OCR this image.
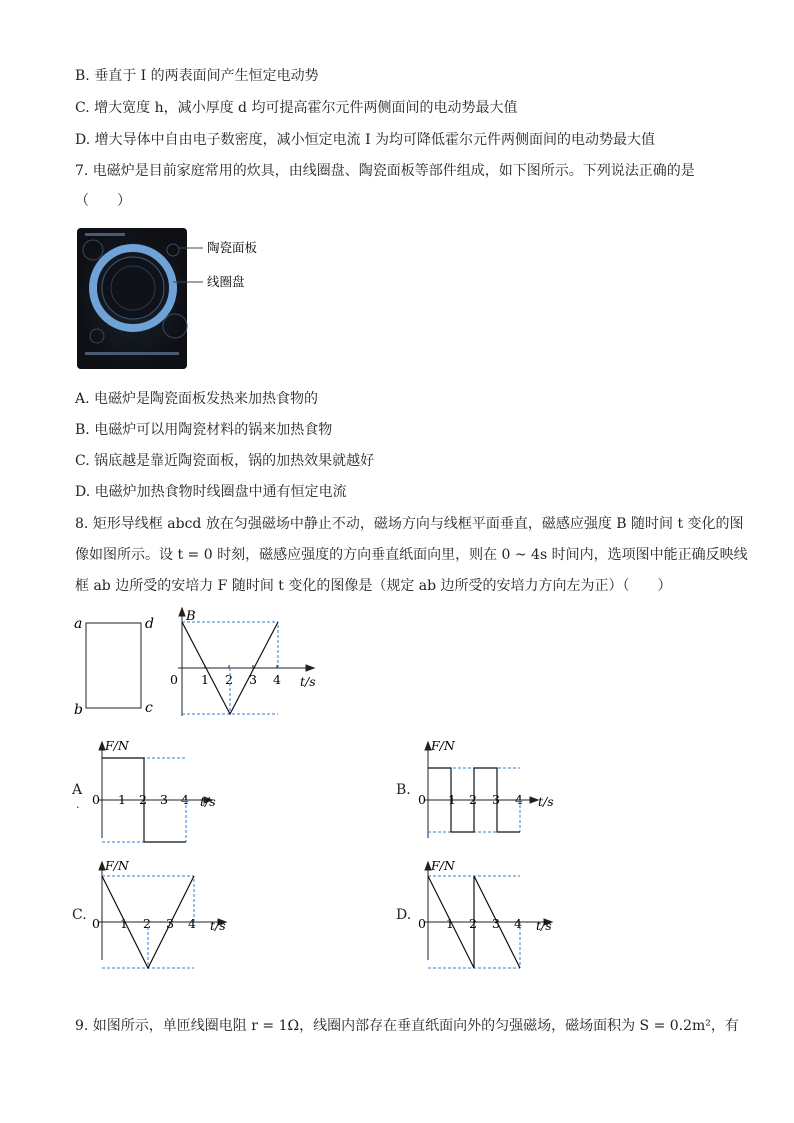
B. 垂直于 I 的两表面间产生恒定电动势
C. 增大宽度 h，减小厚度 d 均可提高霍尔元件两侧面间的电动势最大值
D. 增大导体中自由电子数密度，减小恒定电流 I 为均可降低霍尔元件两侧面间的电动势最大值
7. 电磁炉是目前家庭常用的炊具，由线圈盘、陶瓷面板等部件组成，如下图所示。下列说法正确的是
（　　）
陶瓷面板
线圈盘
A. 电磁炉是陶瓷面板发热来加热食物的
B. 电磁炉可以用陶瓷材料的锅来加热食物
C. 锅底越是靠近陶瓷面板，锅的加热效果就越好
D. 电磁炉加热食物时线圈盘中通有恒定电流
8. 矩形导线框 abcd 放在匀强磁场中静止不动，磁场方向与线框平面垂直，磁感应强度 B 随时间 t 变化的图
像如图所示。设 t = 0 时刻，磁感应强度的方向垂直纸面向里，则在 0 ~ 4s 时间内，选项图中能正确反映线
框 ab 边所受的安培力 F 随时间 t 变化的图像是（规定 ab 边所受的安培力方向左为正）（　　）
a	d
b	c
B
0 1 2 3 4 t/s
A
.
F/N
0 1 2 3 4 t/s
B.
F/N
0 1 2 3 4 t/s
C.
F/N
0 1 2 3 4 t/s
D.
F/N
0 1 2 3 4 t/s
9. 如图所示，单匝线圈电阻 r = 1Ω，线圈内部存在垂直纸面向外的匀强磁场，磁场面积为 S = 0.2m²，有
